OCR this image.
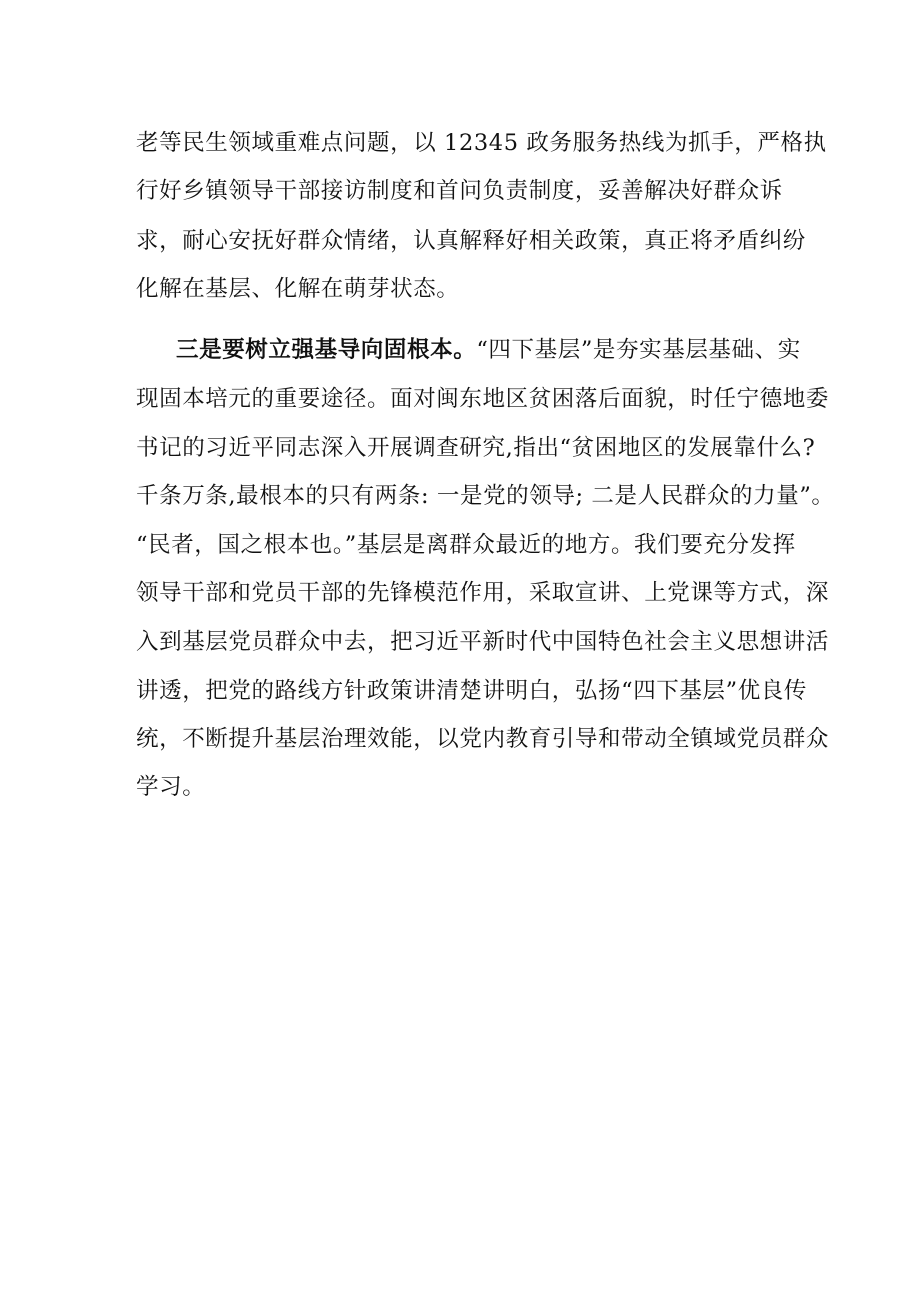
老等民生领域重难点问题，以 12345 政务服务热线为抓手，严格执

行好乡镇领导干部接访制度和首问负责制度，妥善解决好群众诉

求，耐心安抚好群众情绪，认真解释好相关政策，真正将矛盾纠纷

化解在基层、化解在萌芽状态。

三是要树立强基导向固根本。“四下基层”是夯实基层基础、实

现固本培元的重要途径。面对闽东地区贫困落后面貌，时任宁德地委

书记的习近平同志深入开展调查研究,指出“贫困地区的发展靠什么?

千条万条,最根本的只有两条: 一是党的领导; 二是人民群众的力量”。

“民者，国之根本也。”基层是离群众最近的地方。我们要充分发挥

领导干部和党员干部的先锋模范作用，采取宣讲、上党课等方式，深

入到基层党员群众中去，把习近平新时代中国特色社会主义思想讲活

讲透，把党的路线方针政策讲清楚讲明白，弘扬“四下基层”优良传

统，不断提升基层治理效能，以党内教育引导和带动全镇域党员群众

学习。
